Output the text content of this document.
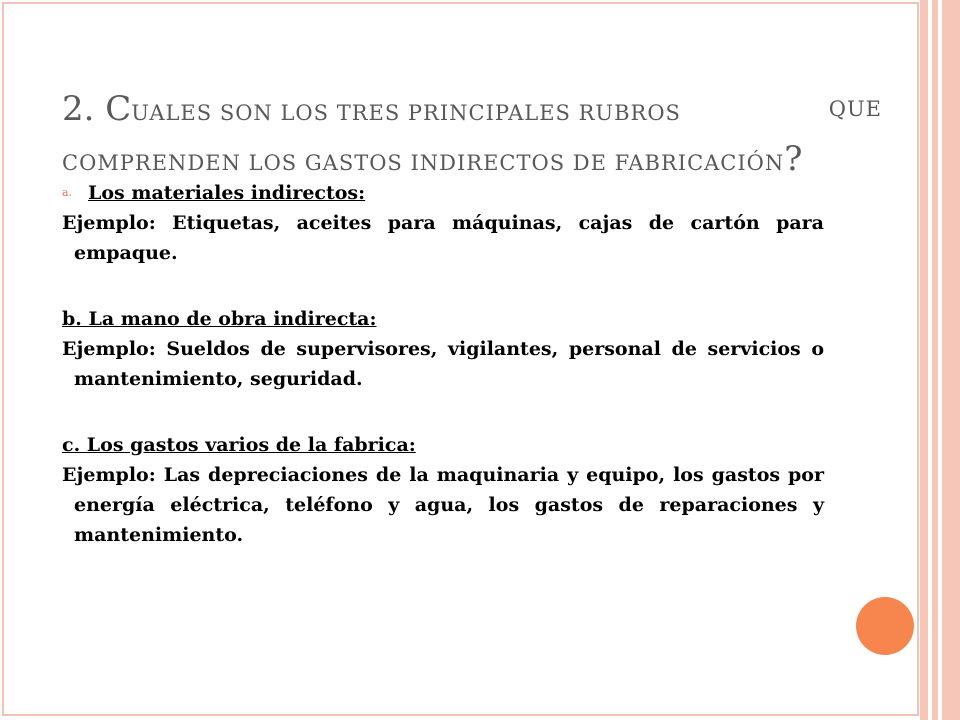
2. CUALES SON LOS TRES PRINCIPALES RUBROS	QUE
COMPRENDEN LOS GASTOS INDIRECTOS DE FABRICACIÓN?

a. Los materiales indirectos:

Ejemplo: Etiquetas, aceites para máquinas, cajas de cartón para empaque.

b. La mano de obra indirecta:

Ejemplo: Sueldos de supervisores, vigilantes, personal de servicios o mantenimiento, seguridad.

c. Los gastos varios de la fabrica:

Ejemplo: Las depreciaciones de la maquinaria y equipo, los gastos por energía eléctrica, teléfono y agua, los gastos de reparaciones y mantenimiento.
